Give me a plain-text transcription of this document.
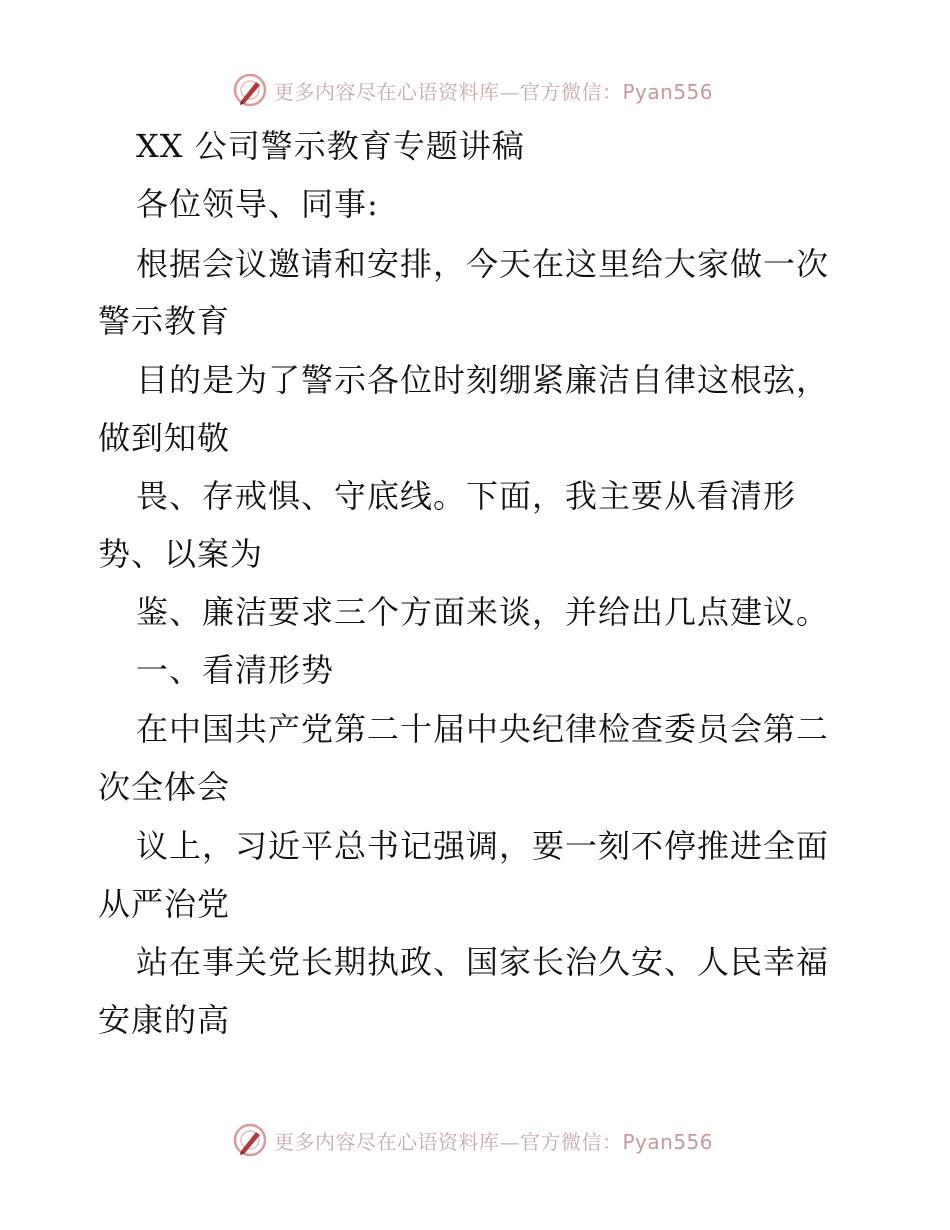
更多内容尽在心语资料库—官方微信：Pyan556
XX 公司警示教育专题讲稿
各位领导、同事:
根据会议邀请和安排，今天在这里给大家做一次
警示教育
目的是为了警示各位时刻绷紧廉洁自律这根弦，
做到知敬
畏、存戒惧、守底线。下面，我主要从看清形
势、以案为
鉴、廉洁要求三个方面来谈，并给出几点建议。
一、看清形势
在中国共产党第二十届中央纪律检查委员会第二
次全体会
议上，习近平总书记强调，要一刻不停推进全面
从严治党
站在事关党长期执政、国家长治久安、人民幸福
安康的高
更多内容尽在心语资料库—官方微信：Pyan556
